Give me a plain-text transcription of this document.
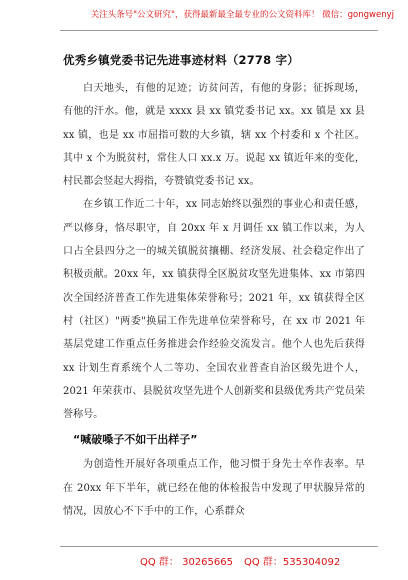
关注头条号"公文研究"，获得最新最全最专业的公文资料库！ 微信：gongwenyj
优秀乡镇党委书记先进事迹材料（2778 字）

白天地头，有他的足迹；访贫问苦，有他的身影；征拆现场，有他的汗水。他，就是 xxxx 县 xx 镇党委书记 xx。xx 镇是 xx 县 xx 镇，也是 xx 市屈指可数的大乡镇，辖 xx 个村委和 x 个社区。其中 x 个为脱贫村，常住人口 xx.x 万。说起 xx 镇近年来的变化，村民都会竖起大拇指，夸赞镇党委书记 xx。

在乡镇工作近二十年，xx 同志始终以强烈的事业心和责任感，严以修身，恪尽职守，自 20xx 年 x 月调任 xx 镇工作以来，为人口占全县四分之一的城关镇脱贫攘棚、经济发展、社会稳定作出了积极贡献。20xx 年，xx 镇获得全区脱贫攻坚先进集体、xx 市第四次全国经济普查工作先进集体荣誉称号；2021 年，xx 镇获得全区村（社区）"两委"换届工作先进单位荣誉称号，在 xx 市 2021 年基层党建工作重点任务推进会作经验交流发言。他个人也先后获得 xx 计划生育系统个人二等功、全国农业普查自治区级先进个人，2021 年荣获市、县脱贫攻坚先进个人创新奖和县级优秀共产党员荣誉称号。

“喊破嗓子不如干出样子”

为创造性开展好各项重点工作，他习惯于身先士卒作表率。早在 20xx 年下半年，就已经在他的体检报告中发现了甲状腺异常的情况，因放心不下手中的工作，心系群众

QQ 群： 30265665 QQ 群：535304092
